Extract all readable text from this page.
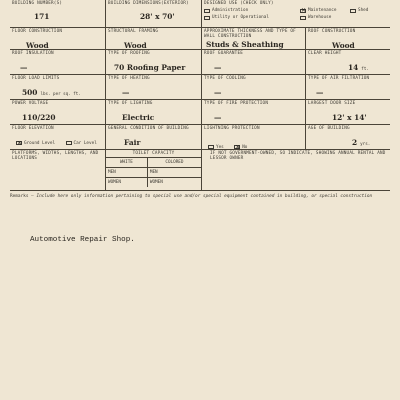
BUILDING NUMBER(S)
171
BUILDING DIMENSIONS(EXTERIOR)
28' x 70'
DESIGNED USE (CHECK ONLY)
Administration ✕	Maintenance	Shed
Utility or Operational	Warehouse
FLOOR CONSTRUCTION
Wood
STRUCTURAL FRAMING
Wood
APPROXIMATE THICKNESS AND TYPE OF WALL CONSTRUCTION
Studs & Sheathing
ROOF CONSTRUCTION
Wood
ROOF INSULATION
—
TYPE OF ROOFING
70 Roofing Paper
ROOF GUARANTEE
—
CLEAR HEIGHT
14 ft.
FLOOR LOAD LIMITS
500 lbs. per sq. ft.
TYPE OF HEATING
—
TYPE OF COOLING
—
TYPE OF AIR FILTRATION
—
POWER VOLTAGE
110/220
TYPE OF LIGHTING
Electric
TYPE OF FIRE PROTECTION
—
LARGEST DOOR SIZE
12' x 14'
FLOOR ELEVATION
✕
Ground Level
	Car Level
GENERAL CONDITION OF BUILDING
Fair
LIGHTNING PROTECTION
Yes
✕	No
AGE OF BUILDING
2 yrs.
PLATFORMS, WIDTHS, LENGTHS, AND LOCATIONS
TOILET CAPACITY
WHITE	COLORED
MEN	MEN
WOMEN	WOMEN
IF NOT GOVERNMENT-OWNED, SO INDICATE, SHOWING ANNUAL RENTAL AND LESSOR OWNER
Remarks – Include here only information pertaining to special use and/or special equipment contained in building, or special construction
Automotive Repair Shop.
